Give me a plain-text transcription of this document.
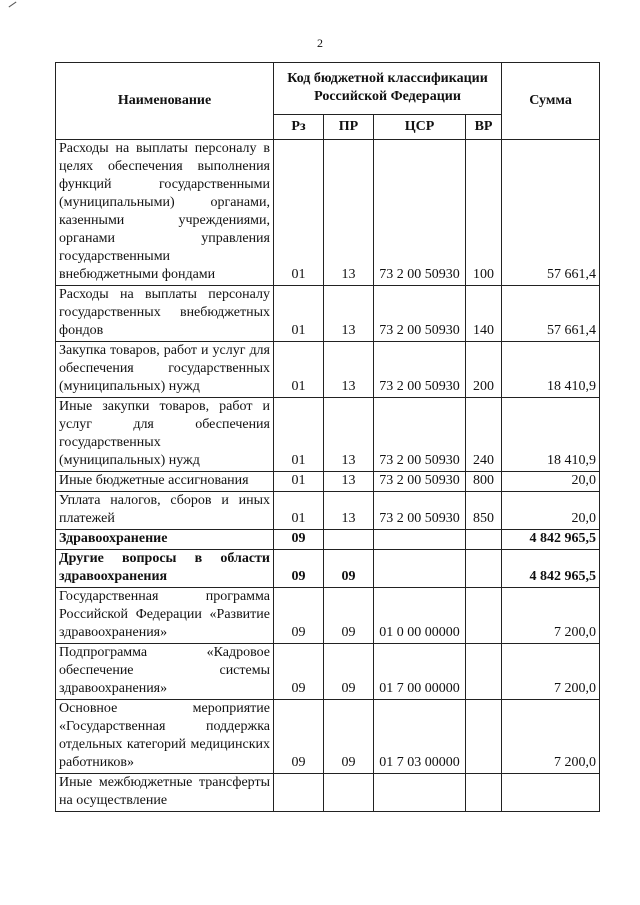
2
Наименование	Код бюджетной классификации Российской Федерации				Сумма
	Рз	ПР	ЦСР	ВР	
Расходы на выплаты персоналу в целях обеспечения выполнения функций государственными (муниципальными) органами, казенными учреждениями, органами управления государственными внебюджетными фондами	01	13	73 2 00 50930	100	57 661,4
Расходы на выплаты персоналу государственных внебюджетных фондов	01	13	73 2 00 50930	140	57 661,4
Закупка товаров, работ и услуг для обеспечения государственных (муниципальных) нужд	01	13	73 2 00 50930	200	18 410,9
Иные закупки товаров, работ и услуг для обеспечения государственных (муниципальных) нужд	01	13	73 2 00 50930	240	18 410,9
Иные бюджетные ассигнования	01	13	73 2 00 50930	800	20,0
Уплата налогов, сборов и иных платежей	01	13	73 2 00 50930	850	20,0
Здравоохранение	09				4 842 965,5
Другие вопросы в области здравоохранения	09	09			4 842 965,5
Государственная программа Российской Федерации «Развитие здравоохранения»	09	09	01 0 00 00000		7 200,0
Подпрограмма «Кадровое обеспечение системы здравоохранения»	09	09	01 7 00 00000		7 200,0
Основное мероприятие «Государственная поддержка отдельных категорий медицинских работников»	09	09	01 7 03 00000		7 200,0
Иные межбюджетные трансферты на осуществление					
